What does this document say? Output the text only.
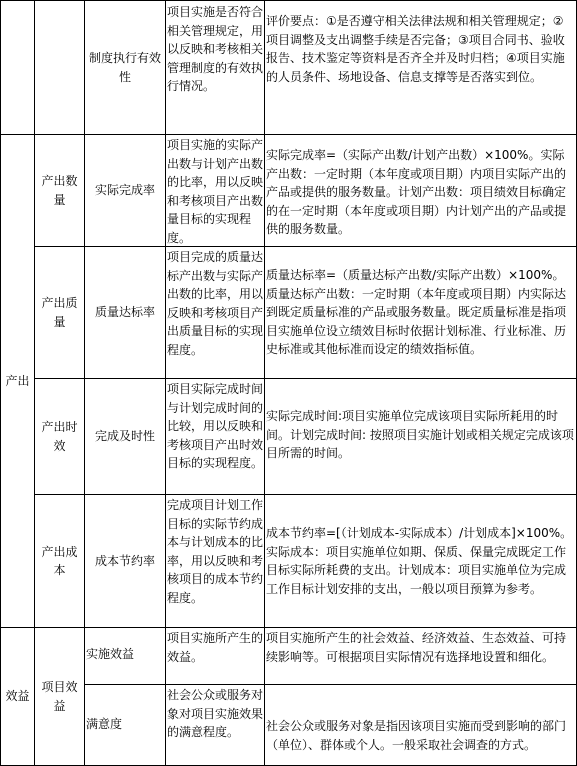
制度执行有效性
项目实施是否符合相关管理规定，用以反映和考核相关管理制度的有效执行情况。
评价要点：①是否遵守相关法律法规和相关管理规定；②项目调整及支出调整手续是否完备；③项目合同书、验收报告、技术鉴定等资料是否齐全并及时归档；④项目实施的人员条件、场地设备、信息支撑等是否落实到位。
产出
产出数量
实际完成率
项目实施的实际产出数与计划产出数的比率，用以反映和考核项目产出数量目标的实现程度。
实际完成率=（实际产出数/计划产出数）×100%。实际产出数：一定时期（本年度或项目期）内项目实际产出的产品或提供的服务数量。计划产出数：项目绩效目标确定的在一定时期（本年度或项目期）内计划产出的产品或提供的服务数量。
产出质量
质量达标率
项目完成的质量达标产出数与实际产出数的比率，用以反映和考核项目产出质量目标的实现程度。
质量达标率=（质量达标产出数/实际产出数）×100%。质量达标产出数：一定时期（本年度或项目期）内实际达到既定质量标准的产品或服务数量。既定质量标准是指项目实施单位设立绩效目标时依据计划标准、行业标准、历史标准或其他标准而设定的绩效指标值。
产出时效
完成及时性
项目实际完成时间与计划完成时间的比较，用以反映和考核项目产出时效目标的实现程度。
实际完成时间:项目实施单位完成该项目实际所耗用的时间。计划完成时间: 按照项目实施计划或相关规定完成该项目所需的时间。
产出成本
成本节约率
完成项目计划工作目标的实际节约成本与计划成本的比率，用以反映和考核项目的成本节约程度。
成本节约率=[（计划成本-实际成本）/计划成本]×100%。实际成本：项目实施单位如期、保质、保量完成既定工作目标实际所耗费的支出。计划成本：项目实施单位为完成工作目标计划安排的支出，一般以项目预算为参考。
效益
项目效益
实施效益
项目实施所产生的效益。
项目实施所产生的社会效益、经济效益、生态效益、可持续影响等。可根据项目实际情况有选择地设置和细化。
满意度
社会公众或服务对象对项目实施效果的满意程度。	社会公众或服务对象是指因该项目实施而受到影响的部门（单位）、群体或个人。一般采取社会调查的方式。
